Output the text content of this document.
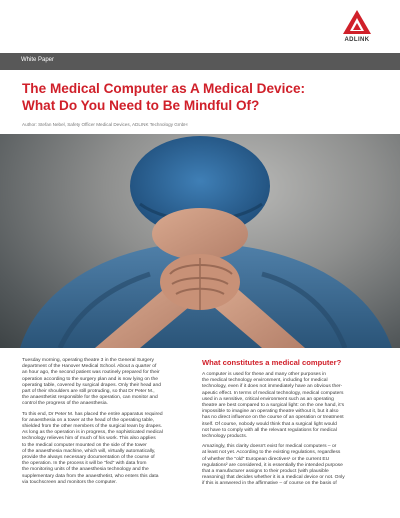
ADLINK
White Paper
The Medical Computer as A Medical Device:
What Do You Need to Be Mindful Of?
Author: Stefan Nebel, Safety Officer Medical Devices, ADLINK Technology GmbH

Tuesday morning, operating theatre 3 in the General Surgery
department of the Hanover Medical School. About a quarter of
an hour ago, the second patient was routinely prepared for their
operation according to the surgery plan and is now lying on the
operating table, covered by surgical drapes. Only their head and
part of their shoulders are still protruding, so that Dr Peter M.,
the anaesthetist responsible for the operation, can monitor and
control the progress of the anaesthesia.

To this end, Dr Peter M. has placed the entire apparatus required
for anaesthesia on a tower at the head of the operating table,
shielded from the other members of the surgical team by drapes.
As long as the operation is in progress, the sophisticated medical
technology relieves him of much of his work. This also applies
to the medical computer mounted on the side of the tower
of the anaesthesia machine, which will, virtually automatically,
provide the always necessary documentation of the course of
the operation. In the process it will be "fed" with data from
the monitoring units of the anaesthesia technology and the
supplementary data from the anaesthetist, who enters this data
via touchscreen and monitors the computer.

What constitutes a medical computer?

A computer is used for these and many other purposes in
the medical technology environment, including for medical
technology, even if it does not immediately have an obvious ther-
apeutic effect. In terms of medical technology, medical computers
used in a sensitive, critical environment such as an operating
theatre are best compared to a surgical light: on the one hand, it's
impossible to imagine an operating theatre without it, but it also
has no direct influence on the course of an operation or treatment
itself. Of course, nobody would think that a surgical light would
not have to comply with all the relevant regulations for medical
technology products.

Amazingly, this clarity doesn't exist for medical computers – or
at least not yet. According to the existing regulations, regardless
of whether the "old" European directives¹ or the current EU
regulations² are considered, it is essentially the intended purpose
that a manufacturer assigns to their product (with plausible
reasoning) that decides whether it is a medical device or not. Only
if this is answered in the affirmative – of course on the basis of
